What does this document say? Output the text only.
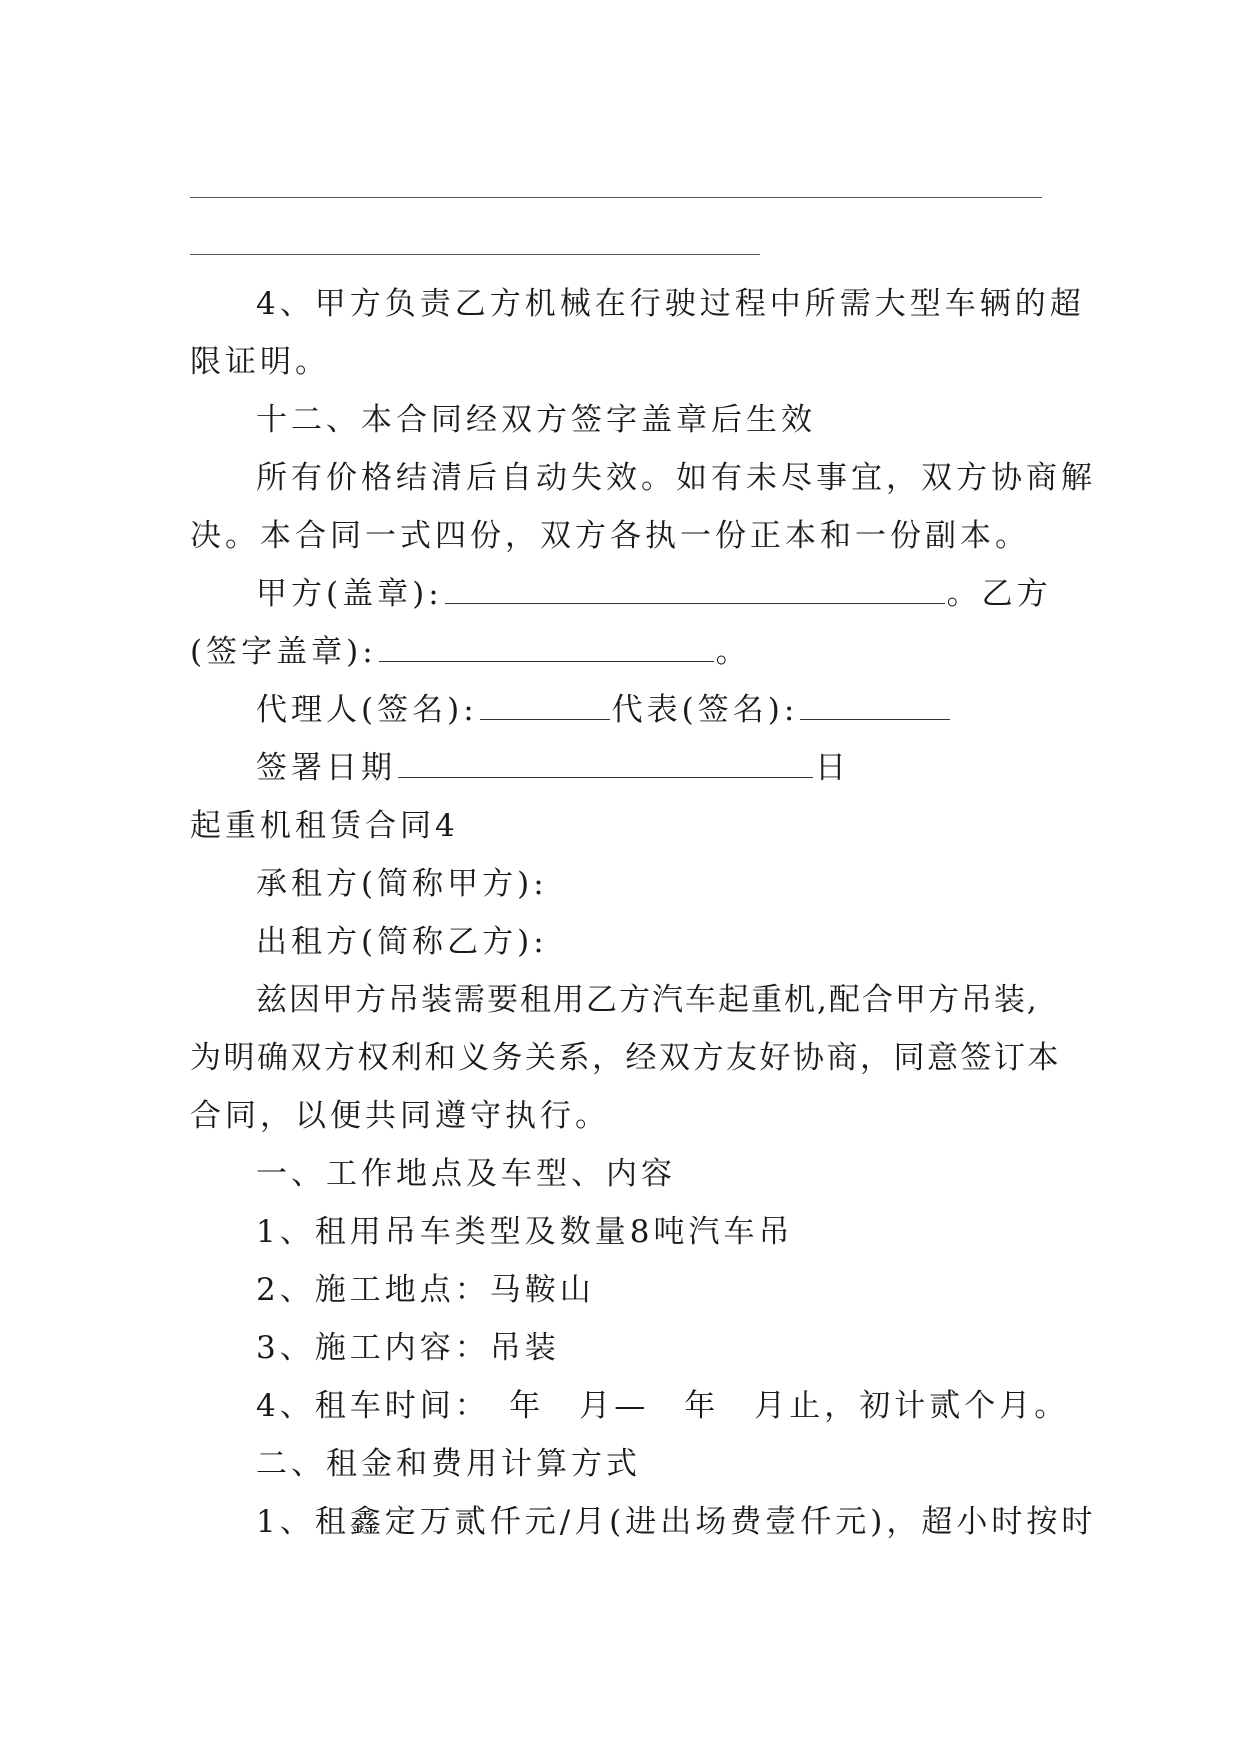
4、甲方负责乙方机械在行驶过程中所需大型车辆的超
限证明。
十二、本合同经双方签字盖章后生效
所有价格结清后自动失效。如有未尽事宜，双方协商解
决。本合同一式四份，双方各执一份正本和一份副本。
甲方(盖章):	。乙方
(签字盖章):	。
代理人(签名):	代表(签名):
签署日期	日
起重机租赁合同4
承租方(简称甲方):
出租方(简称乙方):
兹因甲方吊装需要租用乙方汽车起重机,配合甲方吊装,
为明确双方权利和义务关系，经双方友好协商，同意签订本
合同，以便共同遵守执行。
一、工作地点及车型、内容
1、租用吊车类型及数量8吨汽车吊
2、施工地点：马鞍山
3、施工内容：吊装
4、租车时间：　年　月—　年　月止，初计贰个月。
二、租金和费用计算方式
1、租鑫定万贰仟元/月(进出场费壹仟元)，超小时按时
